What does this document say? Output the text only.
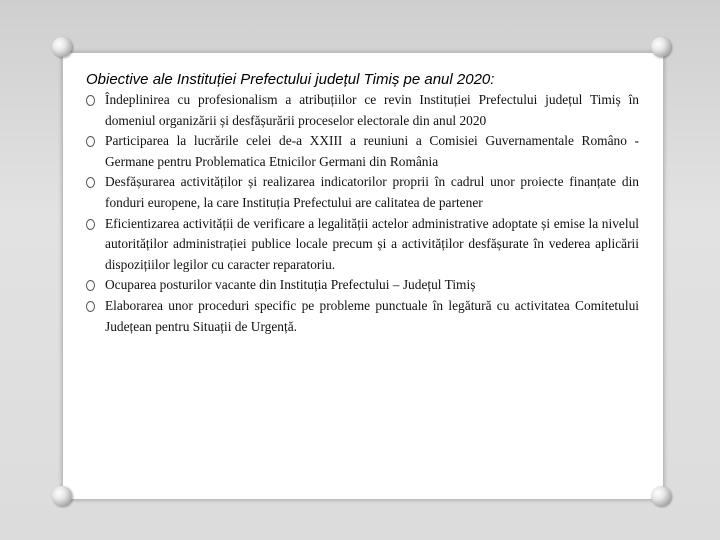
Obiective ale Instituției Prefectului județul Timiș pe anul 2020:
Îndeplinirea cu profesionalism a atribuțiilor ce revin Instituției Prefectului județul Timiș în domeniul organizării și desfășurării proceselor electorale din anul 2020
Participarea la lucrările celei de-a XXIII a reuniuni a Comisiei Guvernamentale Româno - Germane pentru Problematica Etnicilor Germani din România
Desfășurarea activităților și realizarea indicatorilor proprii în cadrul unor proiecte finanțate din fonduri europene, la care Instituția Prefectului are calitatea de partener
Eficientizarea activității de verificare a legalității actelor administrative adoptate și emise la nivelul autorităților administrației publice locale precum și a activităților desfășurate în vederea aplicării dispozițiilor legilor cu caracter reparatoriu.
Ocuparea posturilor vacante din Instituția Prefectului – Județul Timiș
Elaborarea unor proceduri specific pe probleme punctuale în legătură cu activitatea Comitetului Județean pentru Situații de Urgență.
